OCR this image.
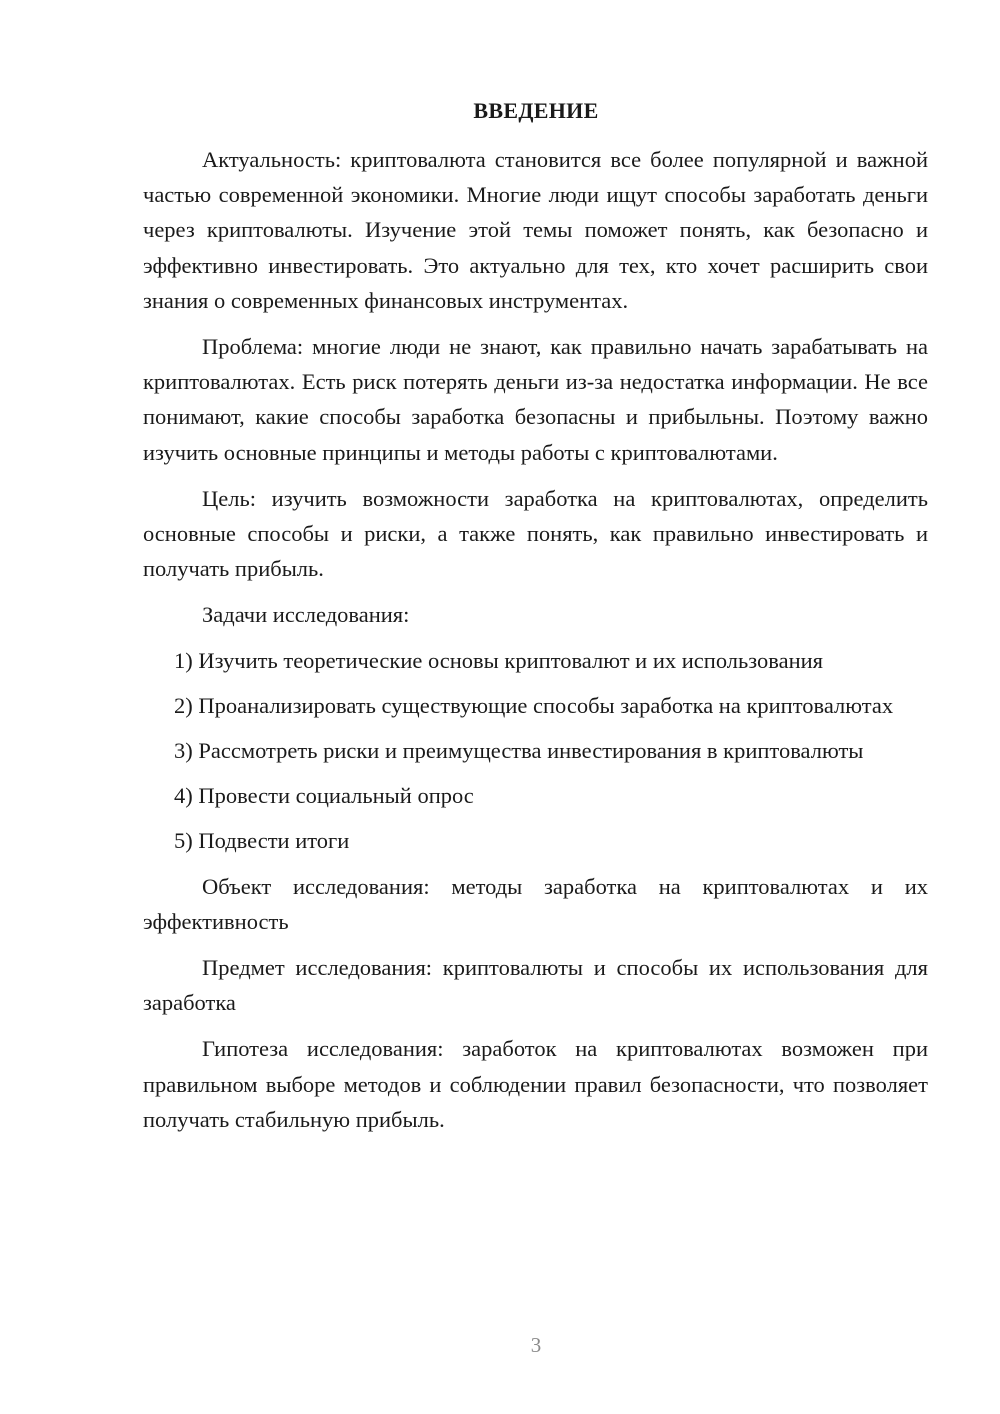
ВВЕДЕНИЕ

Актуальность: криптовалюта становится все более популярной и важной частью современной экономики. Многие люди ищут способы заработать деньги через криптовалюты. Изучение этой темы поможет понять, как безопасно и эффективно инвестировать. Это актуально для тех, кто хочет расширить свои знания о современных финансовых инструментах.

Проблема: многие люди не знают, как правильно начать зарабатывать на криптовалютах. Есть риск потерять деньги из-за недостатка информации. Не все понимают, какие способы заработка безопасны и прибыльны. Поэтому важно изучить основные принципы и методы работы с криптовалютами.

Цель: изучить возможности заработка на криптовалютах, определить основные способы и риски, а также понять, как правильно инвестировать и получать прибыль.

Задачи исследования:

1) Изучить теоретические основы криптовалют и их использования

2) Проанализировать существующие способы заработка на криптовалютах

3) Рассмотреть риски и преимущества инвестирования в криптовалюты

4) Провести социальный опрос

5) Подвести итоги

Объект исследования: методы заработка на криптовалютах и их эффективность

Предмет исследования: криптовалюты и способы их использования для заработка

Гипотеза исследования: заработок на криптовалютах возможен при правильном выборе методов и соблюдении правил безопасности, что позволяет получать стабильную прибыль.

3
